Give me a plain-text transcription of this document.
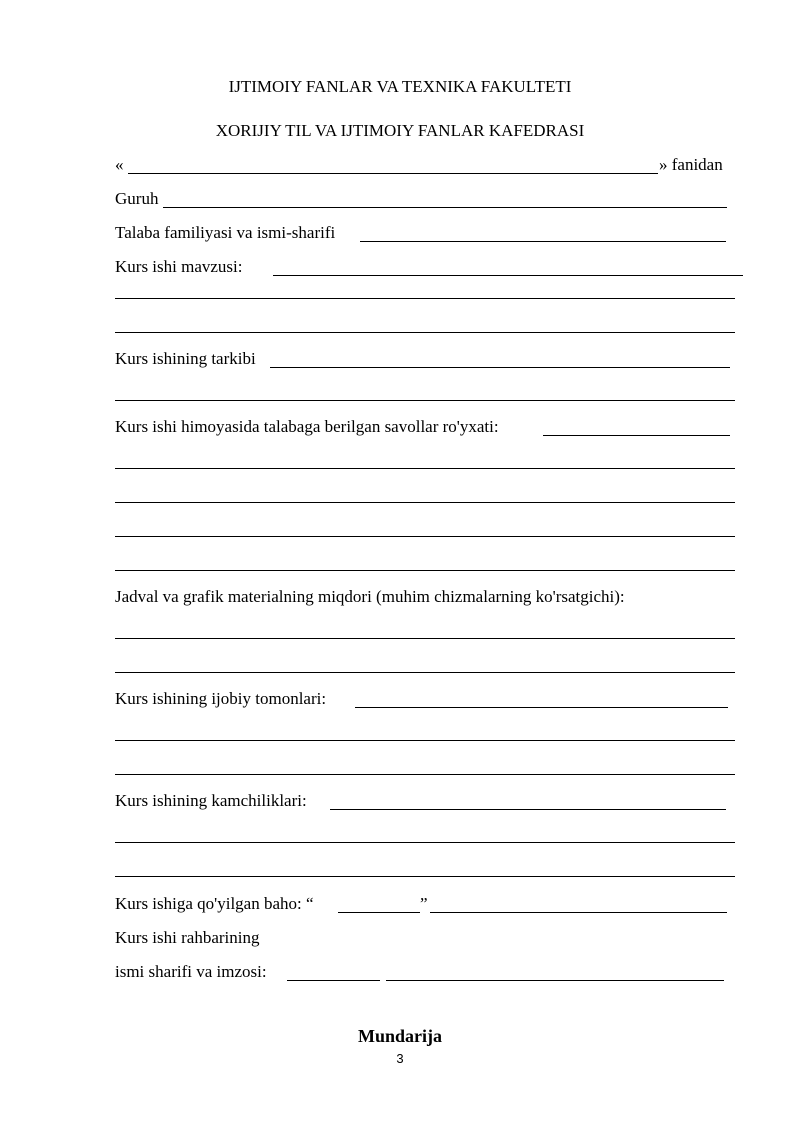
IJTIMOIY FANLAR VA TEXNIKA FAKULTETI
XORIJIY TIL VA IJTIMOIY FANLAR KAFEDRASI
«	» fanidan
Guruh
Talaba familiyasi va ismi-sharifi
Kurs ishi mavzusi:
Kurs ishining tarkibi
Kurs ishi himoyasida talabaga berilgan savollar ro'yxati:
Jadval va grafik materialning miqdori (muhim chizmalarning ko'rsatgichi):
Kurs ishining ijobiy tomonlari:
Kurs ishining kamchiliklari:
Kurs ishiga qo'yilgan baho: “	”
Kurs ishi rahbarining
ismi sharifi va imzosi:
Mundarija
3
